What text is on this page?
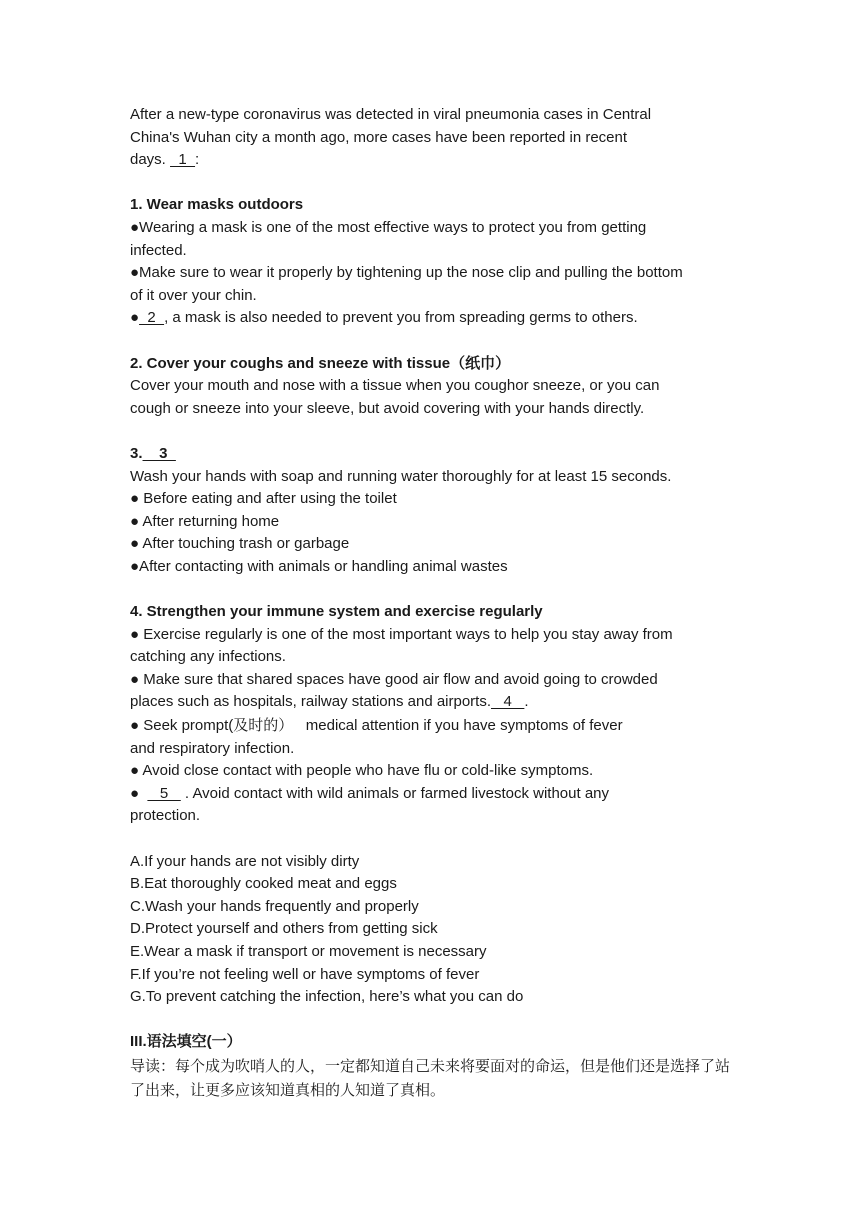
After a new-type coronavirus was detected in viral pneumonia cases in Central
China's Wuhan city a month ago, more cases have been reported in recent
days.   1  :
1. Wear masks outdoors
●Wearing a mask is one of the most effective ways to protect you from getting
infected.
●Make sure to wear it properly by tightening up the nose clip and pulling the bottom
of it over your chin.
●  2  , a mask is also needed to prevent you from spreading germs to others.
2. Cover your coughs and sneeze with tissue（纸巾）
Cover your mouth and nose with a tissue when you coughor sneeze, or you can
cough or sneeze into your sleeve, but avoid covering with your hands directly.
3.    3
Wash your hands with soap and running water thoroughly for at least 15 seconds.
● Before eating and after using the toilet
● After returning home
● After touching trash or garbage
●After contacting with animals or handling animal wastes
4. Strengthen your immune system and exercise regularly
● Exercise regularly is one of the most important ways to help you stay away from
catching any infections.
● Make sure that shared spaces have good air flow and avoid going to crowded
places such as hospitals, railway stations and airports.   4   .
● Seek prompt(及时的）   medical attention if you have symptoms of fever
and respiratory infection.
● Avoid close contact with people who have flu or cold-like symptoms.
●     5    . Avoid contact with wild animals or farmed livestock without any
protection.
A.If your hands are not visibly dirty
B.Eat thoroughly cooked meat and eggs
C.Wash your hands frequently and properly
D.Protect yourself and others from getting sick
E.Wear a mask if transport or movement is necessary
F.If you’re not feeling well or have symptoms of fever
G.To prevent catching the infection, here’s what you can do
III.语法填空(一）
导读：每个成为吹哨人的人，一定都知道自己未来将要面对的命运，但是他们还是选择了站了出来，让更多应该知道真相的人知道了真相。
